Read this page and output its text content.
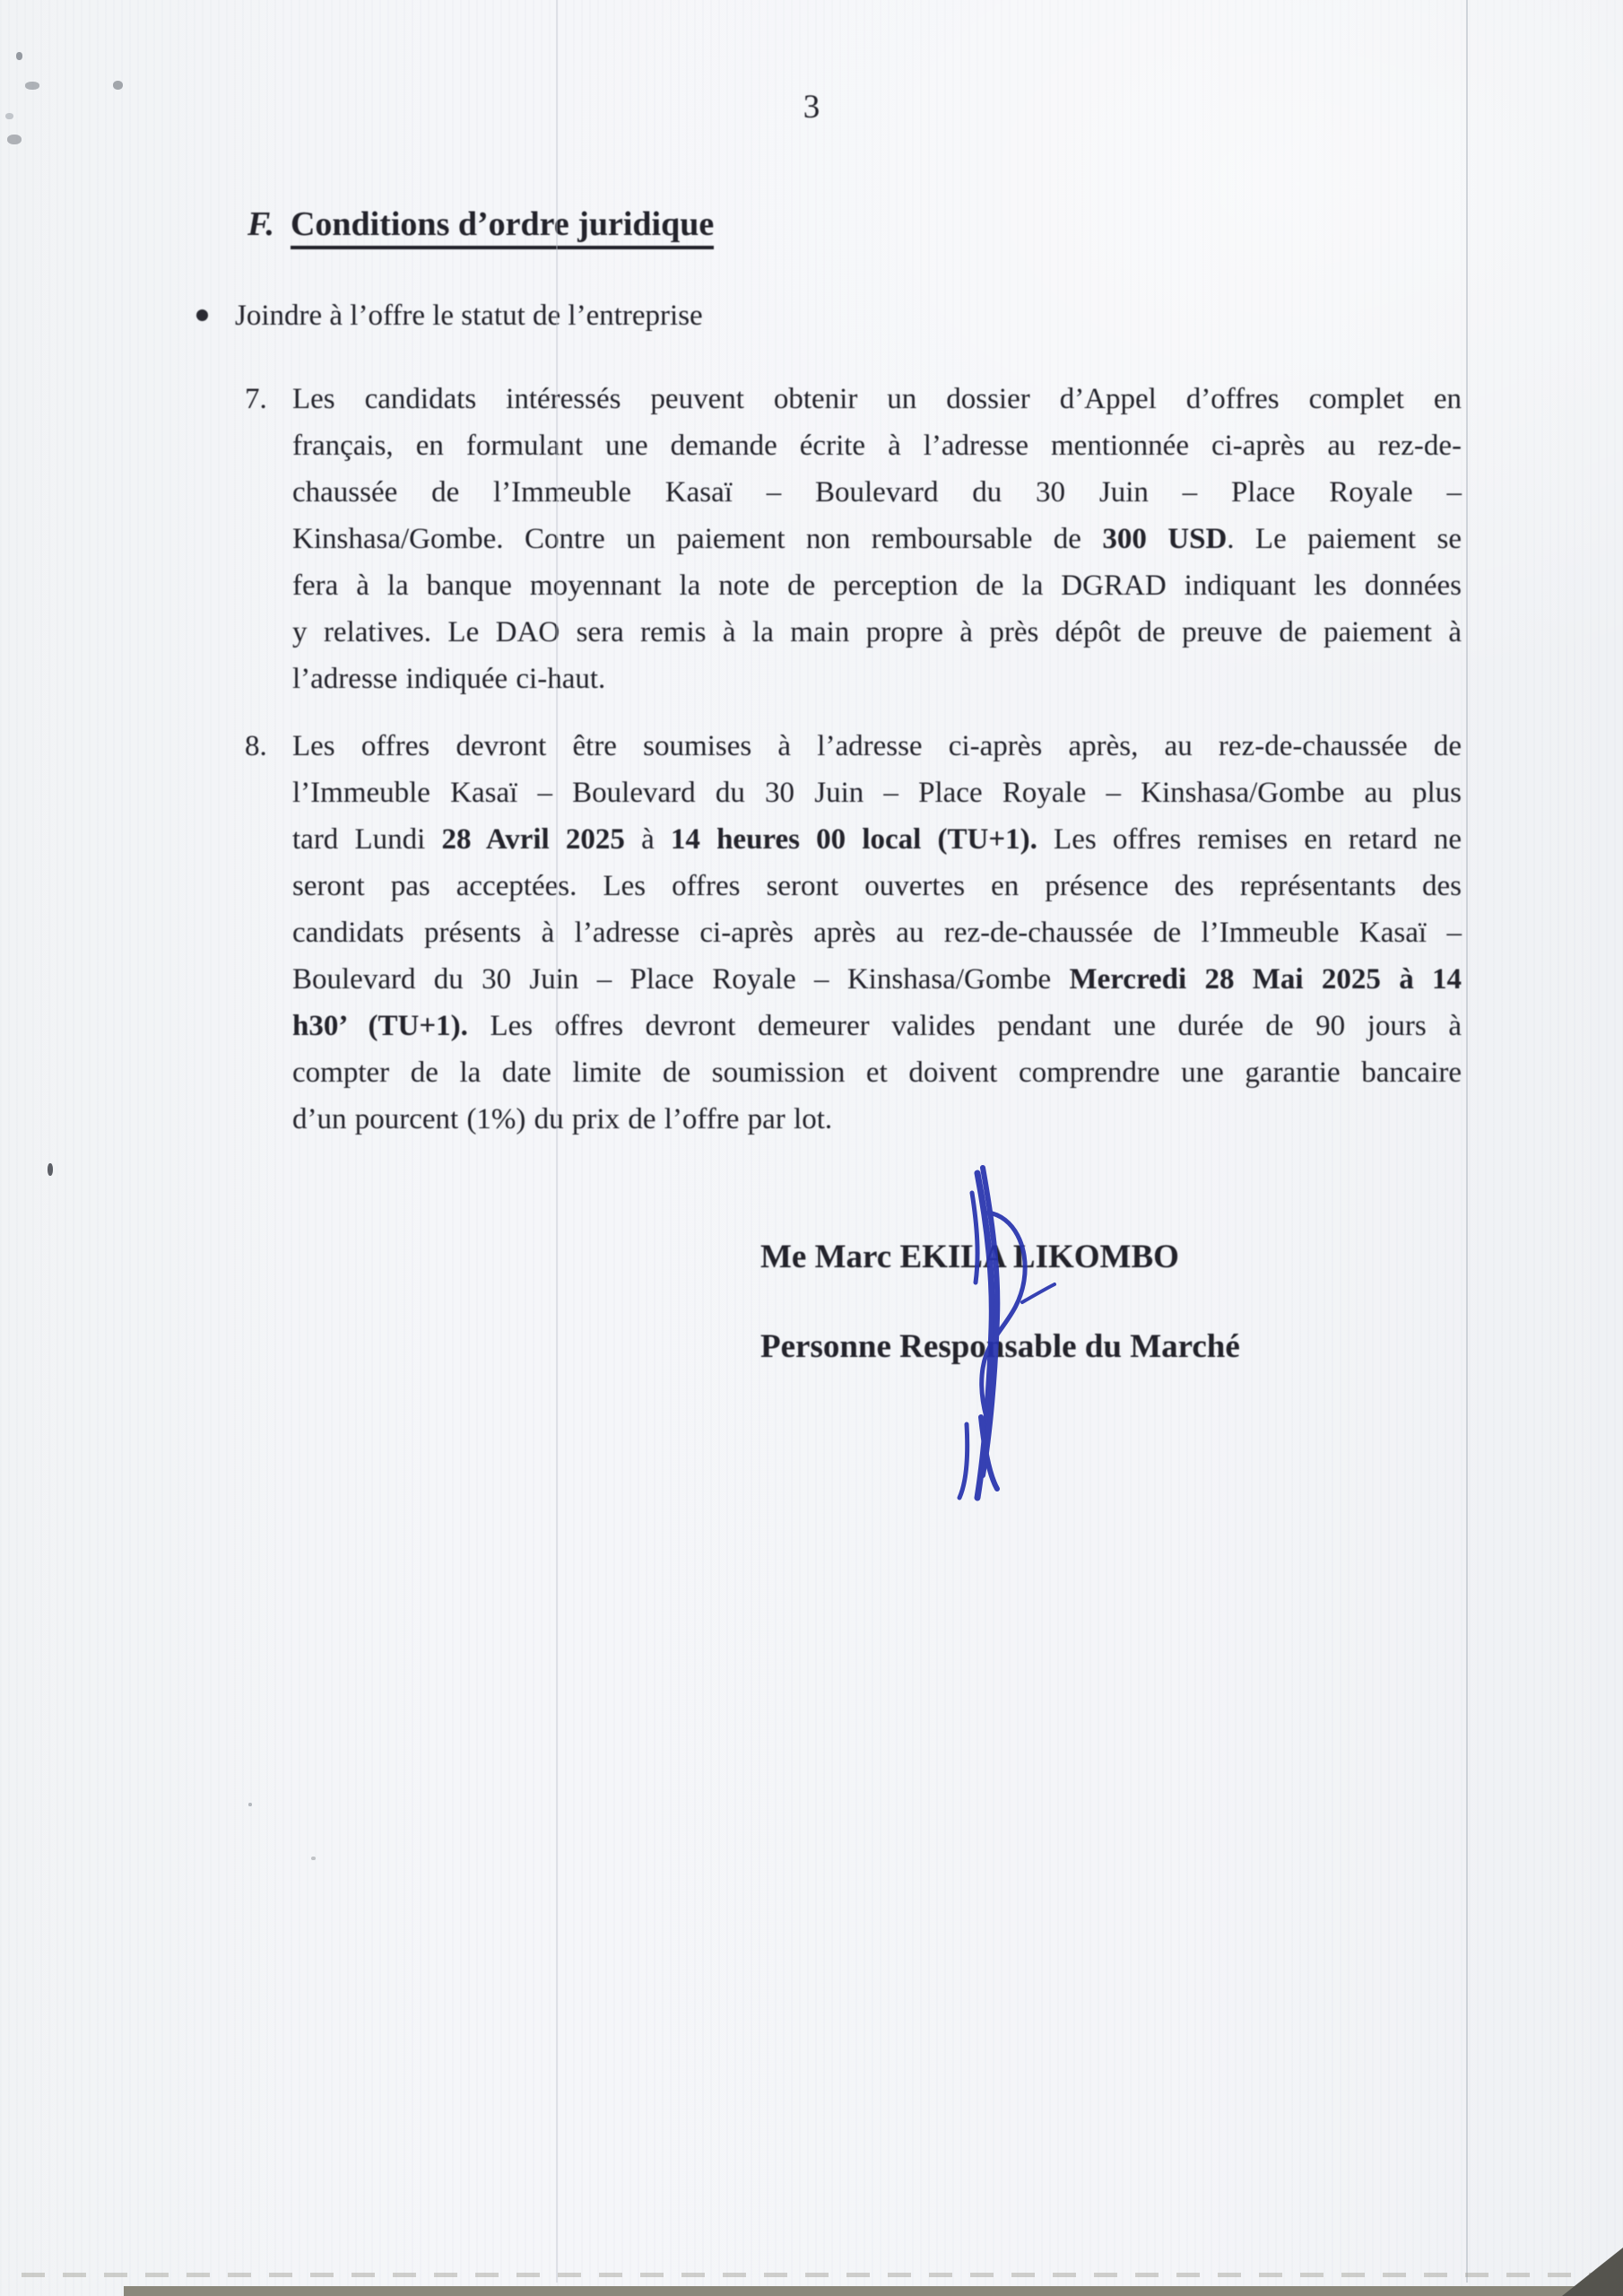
3
F. Conditions d’ordre juridique
Joindre à l’offre le statut de l’entreprise
7. Les candidats intéressés peuvent obtenir un dossier d’Appel d’offres complet en
français, en formulant une demande écrite à l’adresse mentionnée ci-après au rez-de-
chaussée de l’Immeuble Kasaï – Boulevard du 30 Juin – Place Royale –
Kinshasa/Gombe. Contre un paiement non remboursable de 300 USD. Le paiement se
fera à la banque moyennant la note de perception de la DGRAD indiquant les données
y relatives. Le DAO sera remis à la main propre à près dépôt de preuve de paiement à
l’adresse indiquée ci-haut.
8. Les offres devront être soumises à l’adresse ci-après après, au rez-de-chaussée de
l’Immeuble Kasaï – Boulevard du 30 Juin – Place Royale – Kinshasa/Gombe au plus
tard Lundi 28 Avril 2025 à 14 heures 00 local (TU+1). Les offres remises en retard ne
seront pas acceptées. Les offres seront ouvertes en présence des représentants des
candidats présents à l’adresse ci-après après au rez-de-chaussée de l’Immeuble Kasaï –
Boulevard du 30 Juin – Place Royale – Kinshasa/Gombe Mercredi 28 Mai 2025 à 14
h30’ (TU+1). Les offres devront demeurer valides pendant une durée de 90 jours à
compter de la date limite de soumission et doivent comprendre une garantie bancaire
d’un pourcent (1%) du prix de l’offre par lot.
Me Marc EKILA LIKOMBO
Personne Responsable du Marché
